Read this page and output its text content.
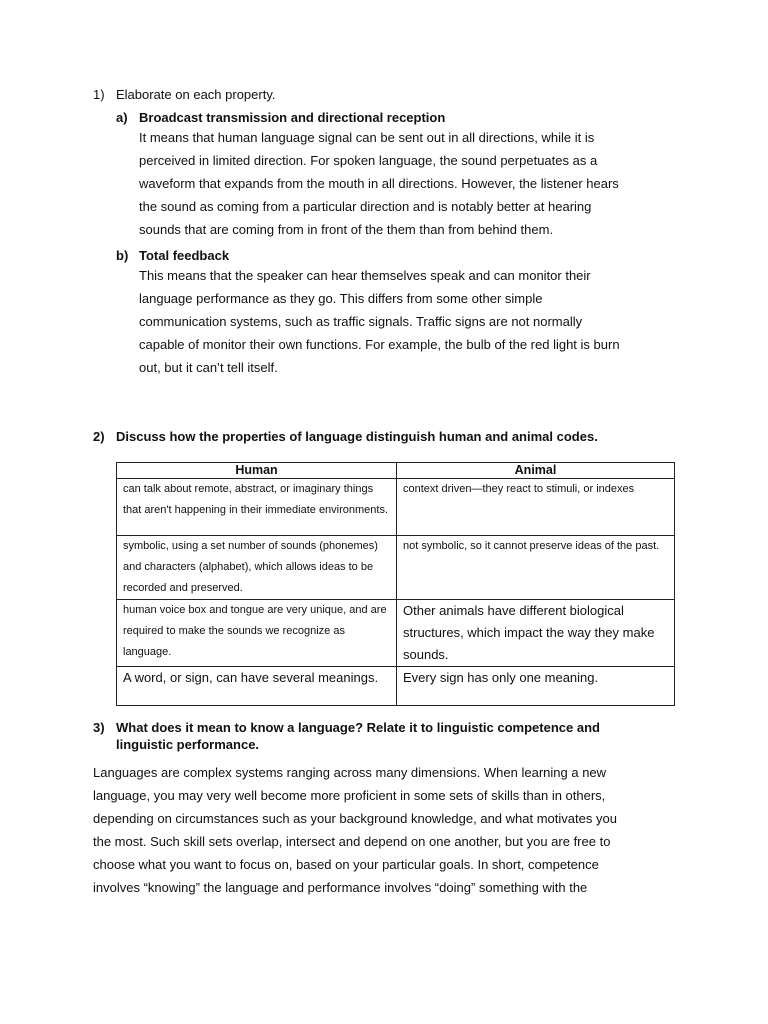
1) Elaborate on each property.
a) Broadcast transmission and directional reception
It means that human language signal can be sent out in all directions, while it is
perceived in limited direction. For spoken language, the sound perpetuates as a
waveform that expands from the mouth in all directions. However, the listener hears
the sound as coming from a particular direction and is notably better at hearing
sounds that are coming from in front of the them than from behind them.
b) Total feedback
This means that the speaker can hear themselves speak and can monitor their
language performance as they go. This differs from some other simple
communication systems, such as traffic signals. Traffic signs are not normally
capable of monitor their own functions. For example, the bulb of the red light is burn
out, but it can’t tell itself.
2) Discuss how the properties of language distinguish human and animal codes.
Human	Animal
can talk about remote, abstract, or imaginary things that aren't happening in their immediate environments.	context driven—they react to stimuli, or indexes
symbolic, using a set number of sounds (phonemes) and characters (alphabet), which allows ideas to be recorded and preserved.	not symbolic, so it cannot preserve ideas of the past.
human voice box and tongue are very unique, and are required to make the sounds we recognize as language.	Other animals have different biological structures, which impact the way they make sounds.
A word, or sign, can have several meanings.	Every sign has only one meaning.
3) What does it mean to know a language? Relate it to linguistic competence and
linguistic performance.
Languages are complex systems ranging across many dimensions. When learning a new
language, you may very well become more proficient in some sets of skills than in others,
depending on circumstances such as your background knowledge, and what motivates you
the most. Such skill sets overlap, intersect and depend on one another, but you are free to
choose what you want to focus on, based on your particular goals. In short, competence
involves “knowing” the language and performance involves “doing” something with the
